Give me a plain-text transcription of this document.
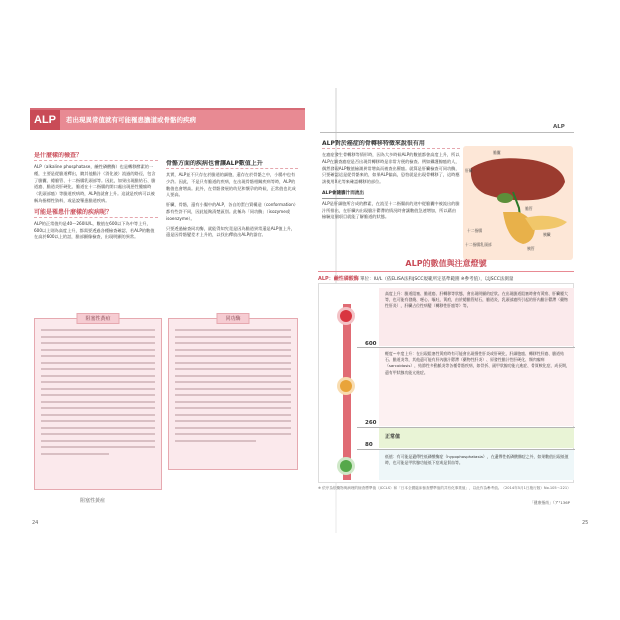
ALP	若出現異常值就有可能罹患膽道或骨骼的疾病
是什麼樣的檢查？
ALP（alkaline phosphatase，鹼性磷酸酶）也是轉移酵素的一種，主要是從膽道釋出，隨其他膽汁（消化液）流過的路徑，包含了膽囊、總膽管、十二指腸乳頭部等。因此，如果出現膽結石、膽道癌、膽道炎肝硬化、膽道在十二指腸的開口處出現惡性腫瘤時（乳頭部癌）等膽道疾病時，ALP值就會上升。這就是疾病可以被稱為指標性資料，或是說罹患膽道疾病。
可能是罹患什麼樣的疾病呢？
ALP的正常值約是40～260IU/L，數值在600以下為中等上升，600以上則為高度上升，都需要透過各種檢查確認，若ALP的數值在高於600以上的話，膽部顯像檢查，出現明顯的異常。
骨骼方面的疾病也會讓ALP數值上升
其實，ALP並不只存在於膽道的細胞，還存在於骨骼之中，小腸中也有少許。因此，不是只有膽道的疾病，在出現骨骼相關疾病等時，ALP的數值也會增高。此外，在骨骼發展的幼兒和懷孕的時候，正常值也比成人要高。
肝臟、骨骼，還有小腸中的ALP，各自的蛋白質構造（conformation）都有些許不同，因此能夠清楚區別。此稱為「同功酶」（isozyme或isoenzyme）。
只要透過檢查同功酶，就能得知究竟是因為膽道異常還是ALP值上升，還是因骨骼變差才上升的，以找出釋放出ALP的器官。
阻塞性黃疸
阻塞性黃疸
同功酶
24
ALP
ALP對於癌症的骨轉移特徵來說很有用
在癌症發生骨轉移等情形時，因為大多時候ALP的數值都會高度上升，所以ALP在調查癌症是否出現骨轉移時是非常方便的檢查。例如攝護腺癌的人，偶然發現ALP數值檢測異常增高而被查出罹癌。就算是肝臟檢查可同功酶，只要確認這是從骨骼來的，如果ALP偏高，恐怕就是出現骨轉移了，這時應該使用X光等來確認轉移的部位。
ALP會隨膽汁而流出
ALP是肝細胞所合成的酵素，在流至十二指腸前的途中從膽囊中被流出的膽汁所排出，在肝臟內出現膽汁鬱滯的情況時會讓數值急速增加，所以藉由檢驗這個項目就能了解膽道的狀態。
肝臟
膽囊
膽管
十二指腸
胰臟
十二指腸乳頭部
胰管
ALP的數值與注意燈號
ALP：鹼性磷酸酶 單位：IU/L（依ELISA法和JSCC規範所定基準範圍 ※參考值），以JSCC法測量
高度上升：膽道阻塞、膽道癌、肝轉移等狀態，會出現明顯的症狀。在出現膽道阻塞時會有黃疸、肝臟腫大等，也可能有發燒、噁心、嘔吐、黃疸，由於總膽管結石，膽道炎，乳頭部癌所引起的肝內膽汁鬱滯（藥物性肝炎），肝臟占位性病變（轉移性肝癌等）等。
輕度～中度上升：在出現阻塞性黃疸時有可能會出現慢性肝炎或肝硬化，肝細胞癌、轉移性肝癌、膽道結石、膽道炎等，其他還可能有肝內膽汁鬱滯（藥物性肝炎）、原發性膽汁性肝硬化、類肉瘤病（sarcoidosis），結節性多動脈炎等各種骨骼疾病，如骨折、副甲狀腺功能亢進症、骨質軟化症、成長期，還有甲狀腺功能亢進症。
正常值
低值：有可能是遺傳性低磷酸酶症（hypophosphatasia），在遺傳性低磷酸酶症之外，如果數值出現低值時，也可能是甲狀腺功能低下症或是貧血等。
600
260
80
※ 依序為依藥物與病理的檢查標準值（JCCLS）和「日本全國臨床檢查標準值的共有化事業值」，以此作為參考值。（2014年5月1日施行版）No.105～221）
「健康指南」（ア°136P
25
